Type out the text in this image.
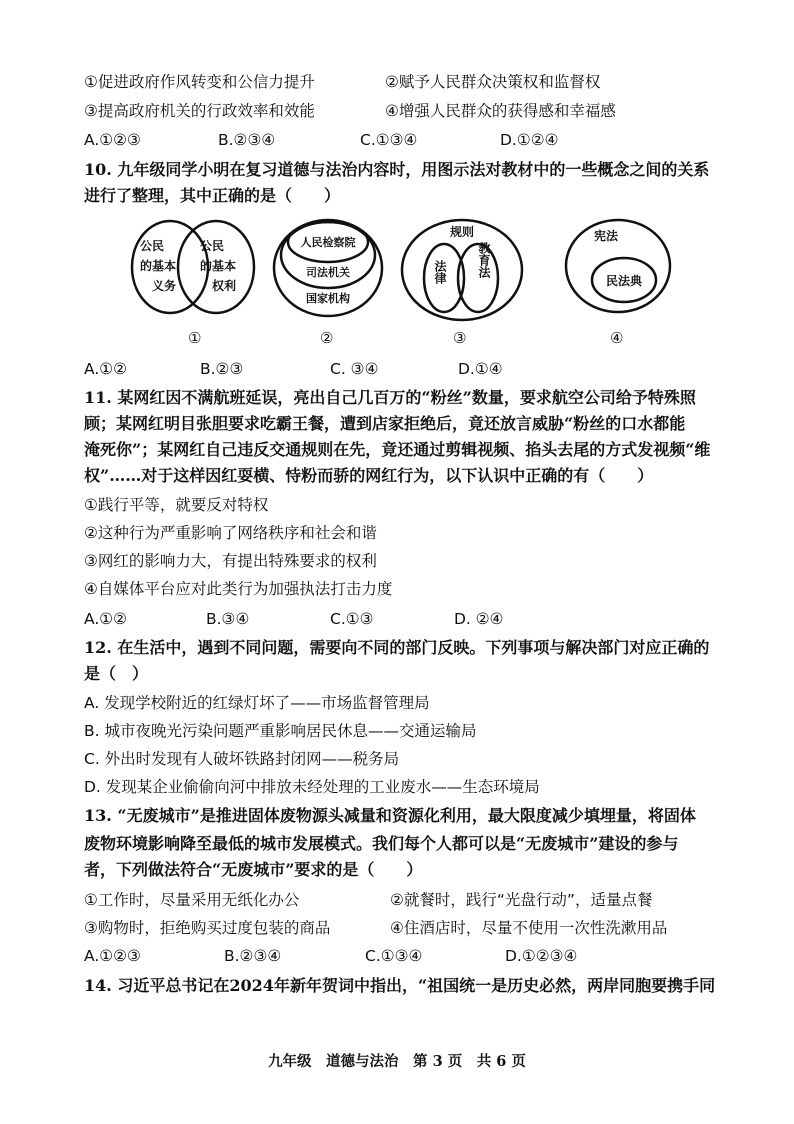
①促进政府作风转变和公信力提升	②赋予人民群众决策权和监督权
③提高政府机关的行政效率和效能	④增强人民群众的获得感和幸福感
A.①②③	B.②③④	C.①③④	D.①②④
10. 九年级同学小明在复习道德与法治内容时，用图示法对教材中的一些概念之间的关系
进行了整理，其中正确的是（　　）
公民
的基本
义务
公民
的基本
权利
①
人民检察院
司法机关
国家机构
②
规则
法律	教育法
③
宪法
民法典
④
A.①②	B.②③	C. ③④	D.①④
11. 某网红因不满航班延误，亮出自己几百万的“粉丝”数量，要求航空公司给予特殊照
顾；某网红明目张胆要求吃霸王餐，遭到店家拒绝后，竟还放言威胁“粉丝的口水都能
淹死你”；某网红自己违反交通规则在先，竟还通过剪辑视频、掐头去尾的方式发视频“维
权”……对于这样因红耍横、恃粉而骄的网红行为，以下认识中正确的有（　　）
①践行平等，就要反对特权
②这种行为严重影响了网络秩序和社会和谐
③网红的影响力大，有提出特殊要求的权利
④自媒体平台应对此类行为加强执法打击力度
A.①②	B.③④	C.①③	D. ②④
12. 在生活中，遇到不同问题，需要向不同的部门反映。下列事项与解决部门对应正确的
是（　）
A. 发现学校附近的红绿灯坏了——市场监督管理局
B. 城市夜晚光污染问题严重影响居民休息——交通运输局
C. 外出时发现有人破坏铁路封闭网——税务局
D. 发现某企业偷偷向河中排放未经处理的工业废水——生态环境局
13. “无废城市”是推进固体废物源头减量和资源化利用，最大限度减少填埋量，将固体
废物环境影响降至最低的城市发展模式。我们每个人都可以是“无废城市”建设的参与
者，下列做法符合“无废城市”要求的是（　　）
①工作时，尽量采用无纸化办公	②就餐时，践行“光盘行动”，适量点餐
③购物时，拒绝购买过度包装的商品	④住酒店时，尽量不使用一次性洗漱用品
A.①②③	B.②③④	C.①③④	D.①②③④
14. 习近平总书记在2024年新年贺词中指出，“祖国统一是历史必然，两岸同胞要携手同
九年级　道德与法治　第 3 页　共 6 页
